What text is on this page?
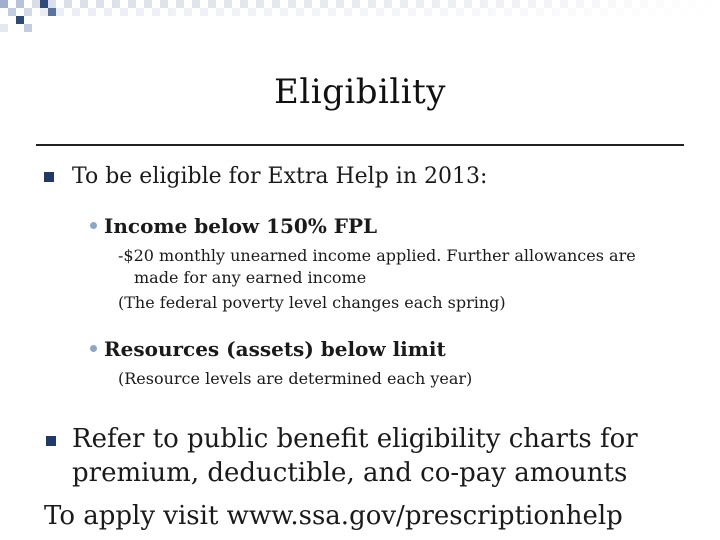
Eligibility
To be eligible for Extra Help in 2013:
Income below 150% FPL
-$20 monthly unearned income applied. Further allowances are
made for any earned income
(The federal poverty level changes each spring)
Resources (assets) below limit
(Resource levels are determined each year)
Refer to public benefit eligibility charts for
premium, deductible, and co-pay amounts
To apply visit www.ssa.gov/prescriptionhelp
